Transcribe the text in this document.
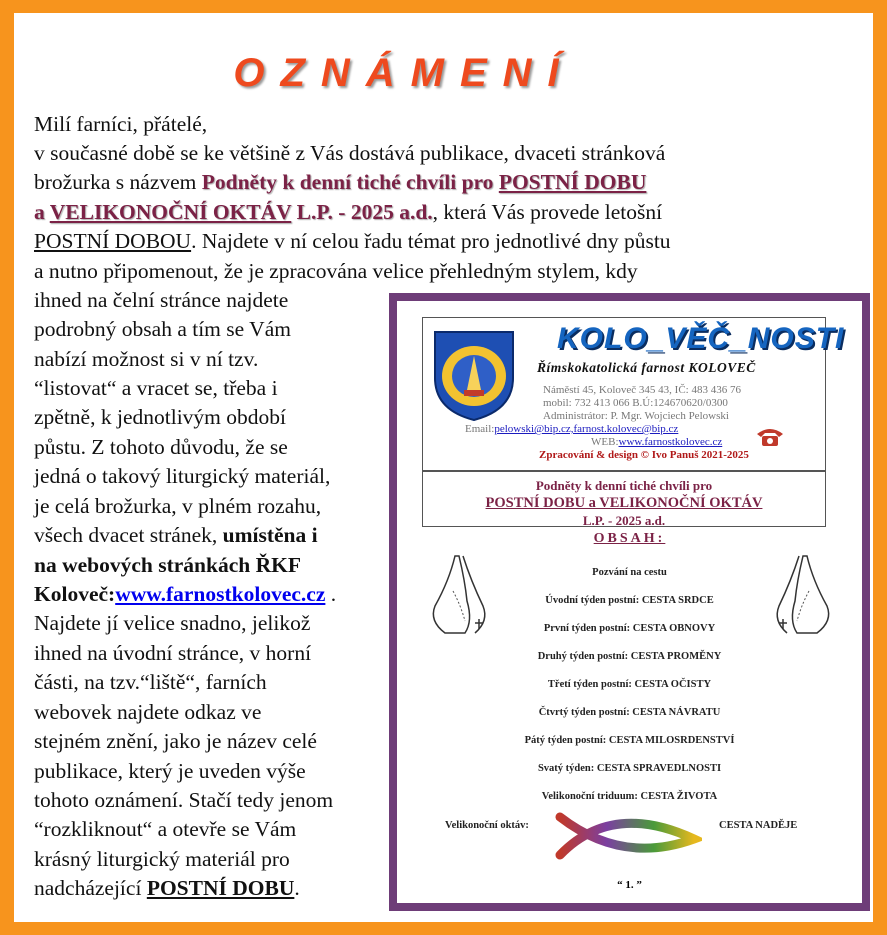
OZNÁMENÍ
Milí farníci, přátelé,
v současné době se ke většině z Vás dostává publikace, dvaceti stránková
brožurka s názvem Podněty k denní tiché chvíli pro POSTNÍ DOBU
a VELIKONOČNÍ OKTÁV L.P. - 2025 a.d., která Vás provede letošní
POSTNÍ DOBOU. Najdete v ní celou řadu témat pro jednotlivé dny půstu
a nutno připomenout, že je zpracována velice přehledným stylem, kdy
ihned na čelní stránce najdete
podrobný obsah a tím se Vám
nabízí možnost si v ní tzv.
“listovat“ a vracet se, třeba i
zpětně, k jednotlivým období
půstu. Z tohoto důvodu, že se
jedná o takový liturgický materiál,
je celá brožurka, v plném rozahu,
všech dvacet stránek, umístěna i
na webových stránkách ŘKF
Koloveč:www.farnostkolovec.cz .
Najdete jí velice snadno, jelikož
ihned na úvodní stránce, v horní
části, na tzv.“liště“, farních
webovek najdete odkaz ve
stejném znění, jako je název celé
publikace, který je uveden výše
tohoto oznámení. Stačí tedy jenom
“rozkliknout“ a otevře se Vám
krásný liturgický materiál pro
nadcházející POSTNÍ DOBU.
KOLO_VĚČ_NOSTI
Římskokatolická farnost KOLOVEČ
Náměstí 45, Koloveč 345 43, IČ: 483 436 76
mobil: 732 413 066 B.Ú:124670620/0300
Administrátor: P. Mgr. Wojciech Pelowski
Email:pelowski@bip.cz,farnost.kolovec@bip.cz
WEB:www.farnostkolovec.cz
Zpracování & design © Ivo Panuš 2021-2025
Podněty k denní tiché chvíli pro
POSTNÍ DOBU a VELIKONOČNÍ OKTÁV
L.P. - 2025 a.d.
OBSAH:
Pozvání na cestu
Úvodní týden postní: CESTA SRDCE
První týden postní: CESTA OBNOVY
Druhý týden postní: CESTA PROMĚNY
Třetí týden postní: CESTA OČISTY
Čtvrtý týden postní: CESTA NÁVRATU
Pátý týden postní: CESTA MILOSRDENSTVÍ
Svatý týden: CESTA SPRAVEDLNOSTI
Velikonoční triduum: CESTA ŽIVOTA
Velikonoční oktáv:	CESTA NADĚJE
“ 1. ”
